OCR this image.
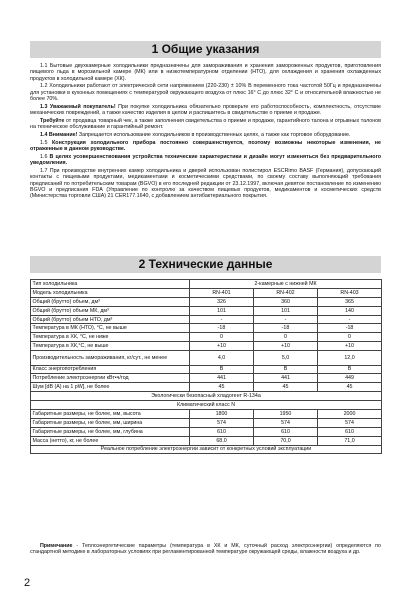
1 Общие указания

1.1 Бытовые двухкамерные холодильники предназначены для замораживания и хранения замороженных продуктов, приготовления пищевого льда в морозильной камере (МК) или в низкотемпературном отделении (НТО), для охлаждения и хранения охлажденных продуктов в холодильной камере (ХК).

1.2 Холодильники работают от электрической сети напряжением (220-230) ± 10% В переменного тока частотой 50Гц и предназначены для установки в кухонных помещениях с температурой окружающего воздуха от плюс 16° С до плюс 32° С и относительной влажностью не более 70%.

1.3 Уважаемый покупатель! При покупке холодильника обязательно проверьте его работоспособность, комплектность, отсутствие механических повреждений, а также качество изделия в целом и распишитесь в свидетельстве о приеме и продаже.

Требуйте от продавца товарный чек, а также заполнения свидетельства о приеме и продаже, гарантийного талона и отрывных талонов на техническое обслуживание и гарантийный ремонт.

1.4 Внимание! Запрещается использование холодильников в производственных целях, а также как торговое оборудование.

1.5 Конструкция холодильного прибора постоянно совершенствуется, поэтому возможны некоторые изменения, не отраженные в данном руководстве.

1.6 В целях усовершенствования устройства технические характеристики и дизайн могут изменяться без предварительного уведомления.

1.7 При производстве внутренних камер холодильника и дверей использован полистирол ESCRimo BASF (Германия), допускающий контакты с пищевыми продуктами, медикаментами и косметическими средствами, по своему составу выполняющий требования предписаний по потребительским товарам (BGVO) в его последней редакции от 23.12.1997, включая девятое постановление по изменению BGVO и предписания FDA (Управление по контролю за качеством пищевых продуктов, медикаментов и косметических средств (Министерства торговли США) 21 CER177.1640, с добавлением антибактериального покрытия.

2 Технические данные
Тип холодильника	2-камерные с нижней МК		
Модель холодильника	RN-401	RN-402	RN-403
Общий (брутто) объем, дм³	326	360	365
Общий (брутто) объем МК, дм³	101	101	140
Общий (брутто) объем НТО, дм³	-	-	-
Температура в МК (НТО), °С, не выше	-18	-18	-18
Температура в ХК, °С, не ниже	0	0	0
Температура в ХК,°С, не выше	+10	+10	+10
Производительность замораживания, кг/сут., не менее	4,0	5,0	12,0
Класс энергопотребления	B	B	B
Потребление электроэнергии кВт•ч/год	441	441	449
Шум [dB (A) на 1 pW], не более	45	45	45
Экологически безопасный хладогент R-134a			
Климатический класс N			
Габаритные размеры, не более, мм, высота	1800	1950	2000
Габаритные размеры, не более, мм, ширина	574	574	574
Габаритные размеры, не более, мм, глубина	610	610	610
Масса (нетто), кг, не более	68,0	70,0	71,0
Реальное потребление электроэнергии зависит от конкретных условий эксплуатации			

Примечание - Теплоэнергетические параметры (температура в ХК и МК, суточный расход электроэнергии) определяются по стандартной методике в лабораторных условиях при регламентированной температуре окружающей среды, влажности воздуха и др.

2
